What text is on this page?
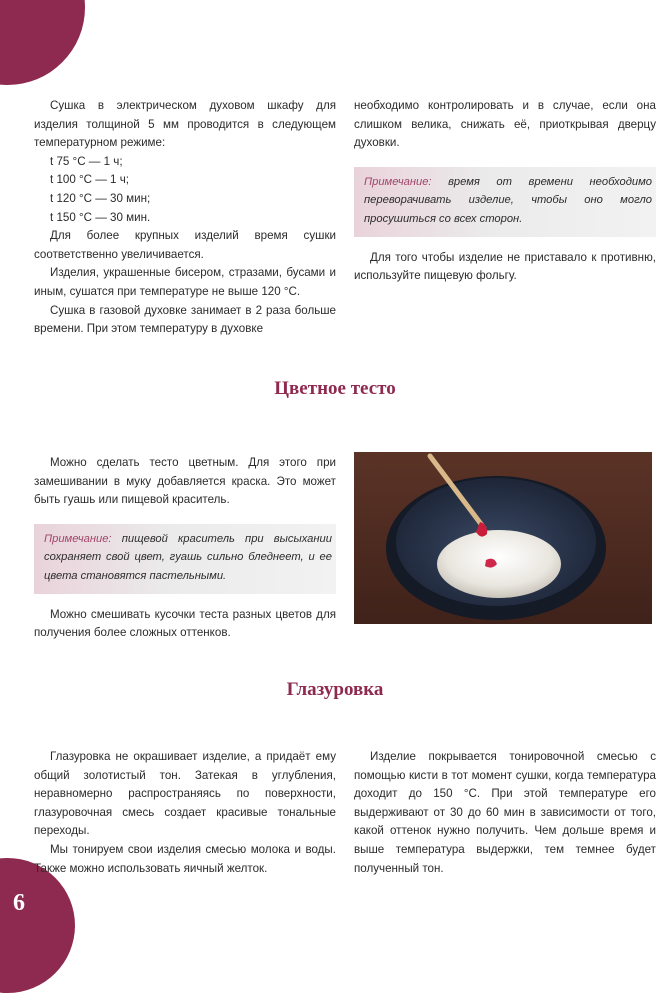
6

Сушка в электрическом духовом шкафу для изделия толщиной 5 мм проводится в следующем температурном режиме:

t 75 °С — 1 ч;

t 100 °С — 1 ч;

t 120 °С — 30 мин;

t 150 °С — 30 мин.

Для более крупных изделий время сушки соответственно увеличивается.

Изделия, украшенные бисером, стразами, бусами и иным, сушатся при температуре не выше 120 °С.

Сушка в газовой духовке занимает в 2 раза больше времени. При этом температуру в духовке

необходимо контролировать и в случае, если она слишком велика, снижать её, приоткрывая дверцу духовки.

Примечание: время от времени необходимо переворачивать изделие, чтобы оно могло просушиться со всех сторон.

Для того чтобы изделие не приставало к противню, используйте пищевую фольгу.

Цветное тесто

Можно сделать тесто цветным. Для этого при замешивании в муку добавляется краска. Это может быть гуашь или пищевой краситель.

Примечание: пищевой краситель при высыхании сохраняет свой цвет, гуашь сильно бледнеет, и ее цвета становятся пастельными.

Можно смешивать кусочки теста разных цветов для получения более сложных оттенков.

Глазуровка

Глазуровка не окрашивает изделие, а придаёт ему общий золотистый тон. Затекая в углубления, неравномерно распространяясь по поверхности, глазуровочная смесь создает красивые тональные переходы.

Мы тонируем свои изделия смесью молока и воды. Также можно использовать яичный желток.

Изделие покрывается тонировочной смесью с помощью кисти в тот момент сушки, когда температура доходит до 150 °С. При этой температуре его выдерживают от 30 до 60 мин в зависимости от того, какой оттенок нужно получить. Чем дольше время и выше температура выдержки, тем темнее будет полученный тон.
